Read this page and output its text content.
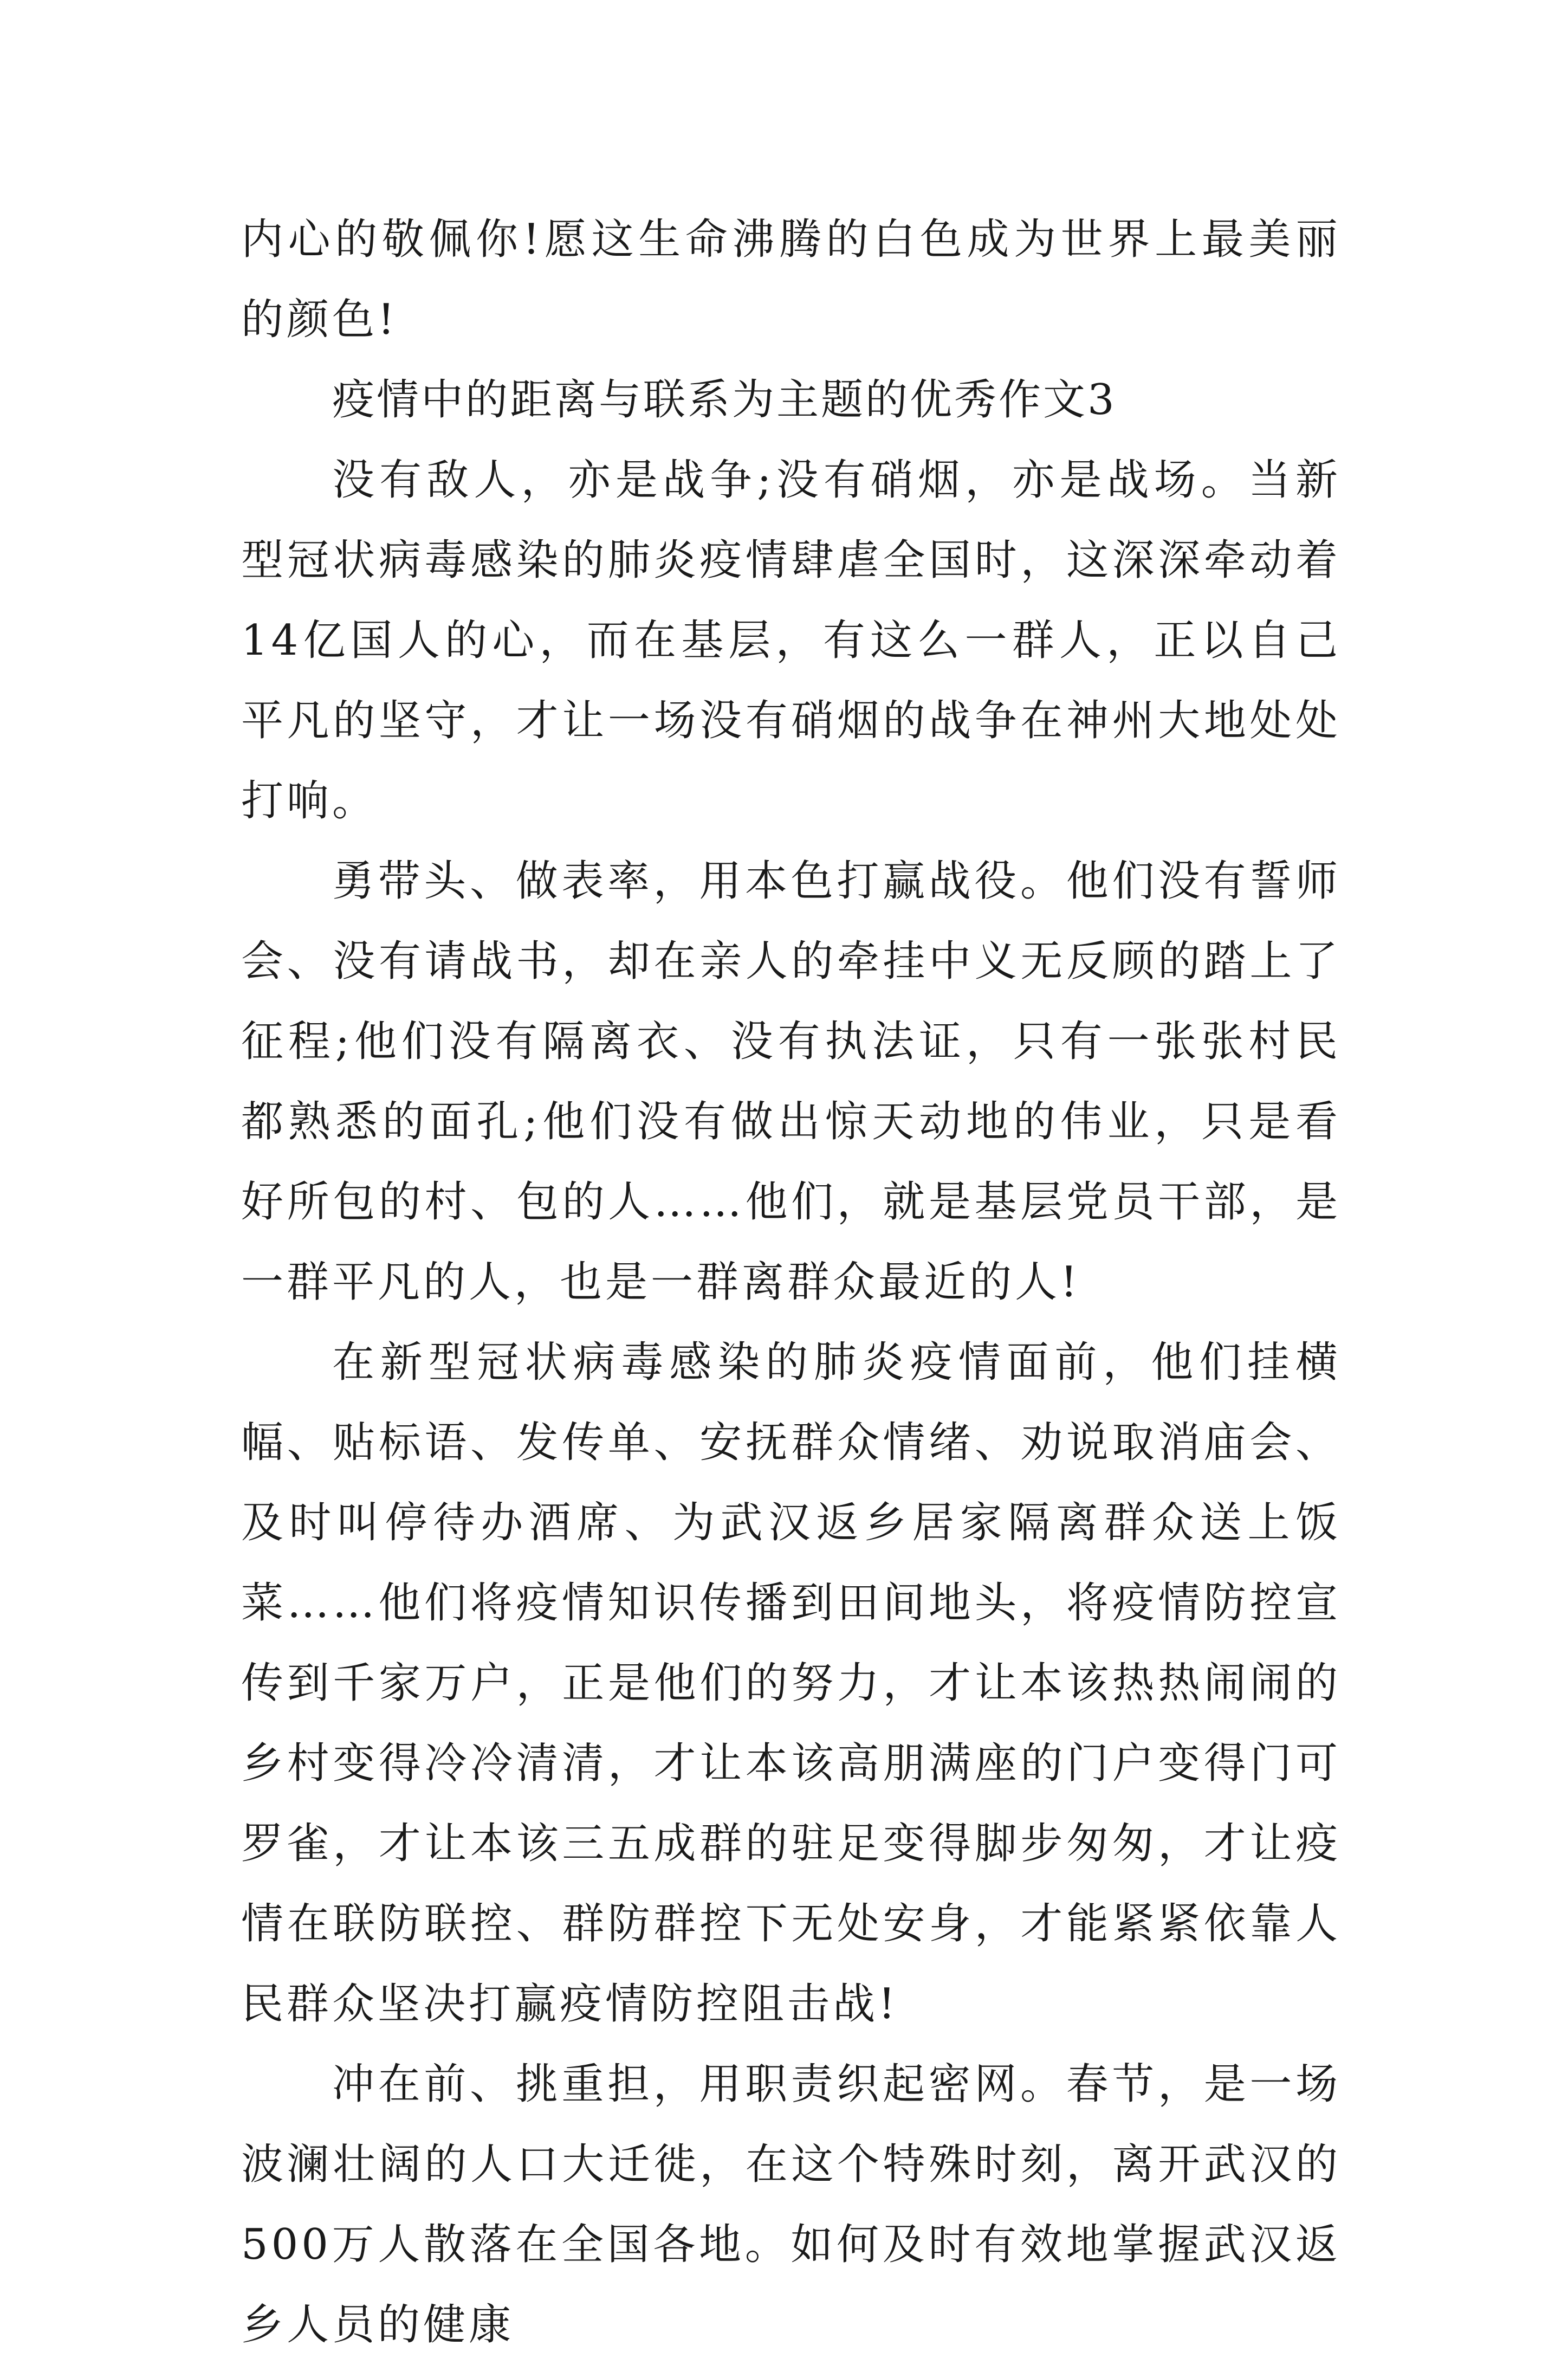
内心的敬佩你!愿这生命沸腾的白色成为世界上最美丽的颜色!

疫情中的距离与联系为主题的优秀作文3

没有敌人，亦是战争;没有硝烟，亦是战场。当新型冠状病毒感染的肺炎疫情肆虐全国时，这深深牵动着14亿国人的心，而在基层，有这么一群人，正以自己平凡的坚守，才让一场没有硝烟的战争在神州大地处处打响。

勇带头、做表率，用本色打赢战役。他们没有誓师会、没有请战书，却在亲人的牵挂中义无反顾的踏上了征程;他们没有隔离衣、没有执法证，只有一张张村民都熟悉的面孔;他们没有做出惊天动地的伟业，只是看好所包的村、包的人……他们，就是基层党员干部，是一群平凡的人，也是一群离群众最近的人!

在新型冠状病毒感染的肺炎疫情面前，他们挂横幅、贴标语、发传单、安抚群众情绪、劝说取消庙会、及时叫停待办酒席、为武汉返乡居家隔离群众送上饭菜……他们将疫情知识传播到田间地头，将疫情防控宣传到千家万户，正是他们的努力，才让本该热热闹闹的乡村变得冷冷清清，才让本该高朋满座的门户变得门可罗雀，才让本该三五成群的驻足变得脚步匆匆，才让疫情在联防联控、群防群控下无处安身，才能紧紧依靠人民群众坚决打赢疫情防控阻击战!

冲在前、挑重担，用职责织起密网。春节，是一场波澜壮阔的人口大迁徙，在这个特殊时刻，离开武汉的500万人散落在全国各地。如何及时有效地掌握武汉返乡人员的健康
